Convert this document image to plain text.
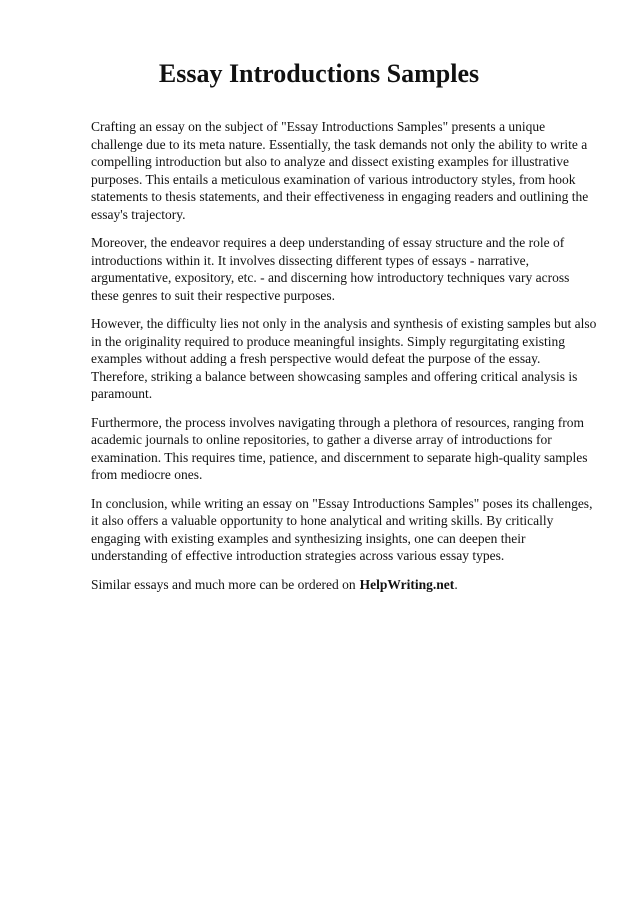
Essay Introductions Samples

Crafting an essay on the subject of "Essay Introductions Samples" presents a unique challenge due to its meta nature. Essentially, the task demands not only the ability to write a compelling introduction but also to analyze and dissect existing examples for illustrative purposes. This entails a meticulous examination of various introductory styles, from hook statements to thesis statements, and their effectiveness in engaging readers and outlining the essay's trajectory.

Moreover, the endeavor requires a deep understanding of essay structure and the role of introductions within it. It involves dissecting different types of essays - narrative, argumentative, expository, etc. - and discerning how introductory techniques vary across these genres to suit their respective purposes.

However, the difficulty lies not only in the analysis and synthesis of existing samples but also in the originality required to produce meaningful insights. Simply regurgitating existing examples without adding a fresh perspective would defeat the purpose of the essay. Therefore, striking a balance between showcasing samples and offering critical analysis is paramount.

Furthermore, the process involves navigating through a plethora of resources, ranging from academic journals to online repositories, to gather a diverse array of introductions for examination. This requires time, patience, and discernment to separate high-quality samples from mediocre ones.

In conclusion, while writing an essay on "Essay Introductions Samples" poses its challenges, it also offers a valuable opportunity to hone analytical and writing skills. By critically engaging with existing examples and synthesizing insights, one can deepen their understanding of effective introduction strategies across various essay types.

Similar essays and much more can be ordered on HelpWriting.net.
